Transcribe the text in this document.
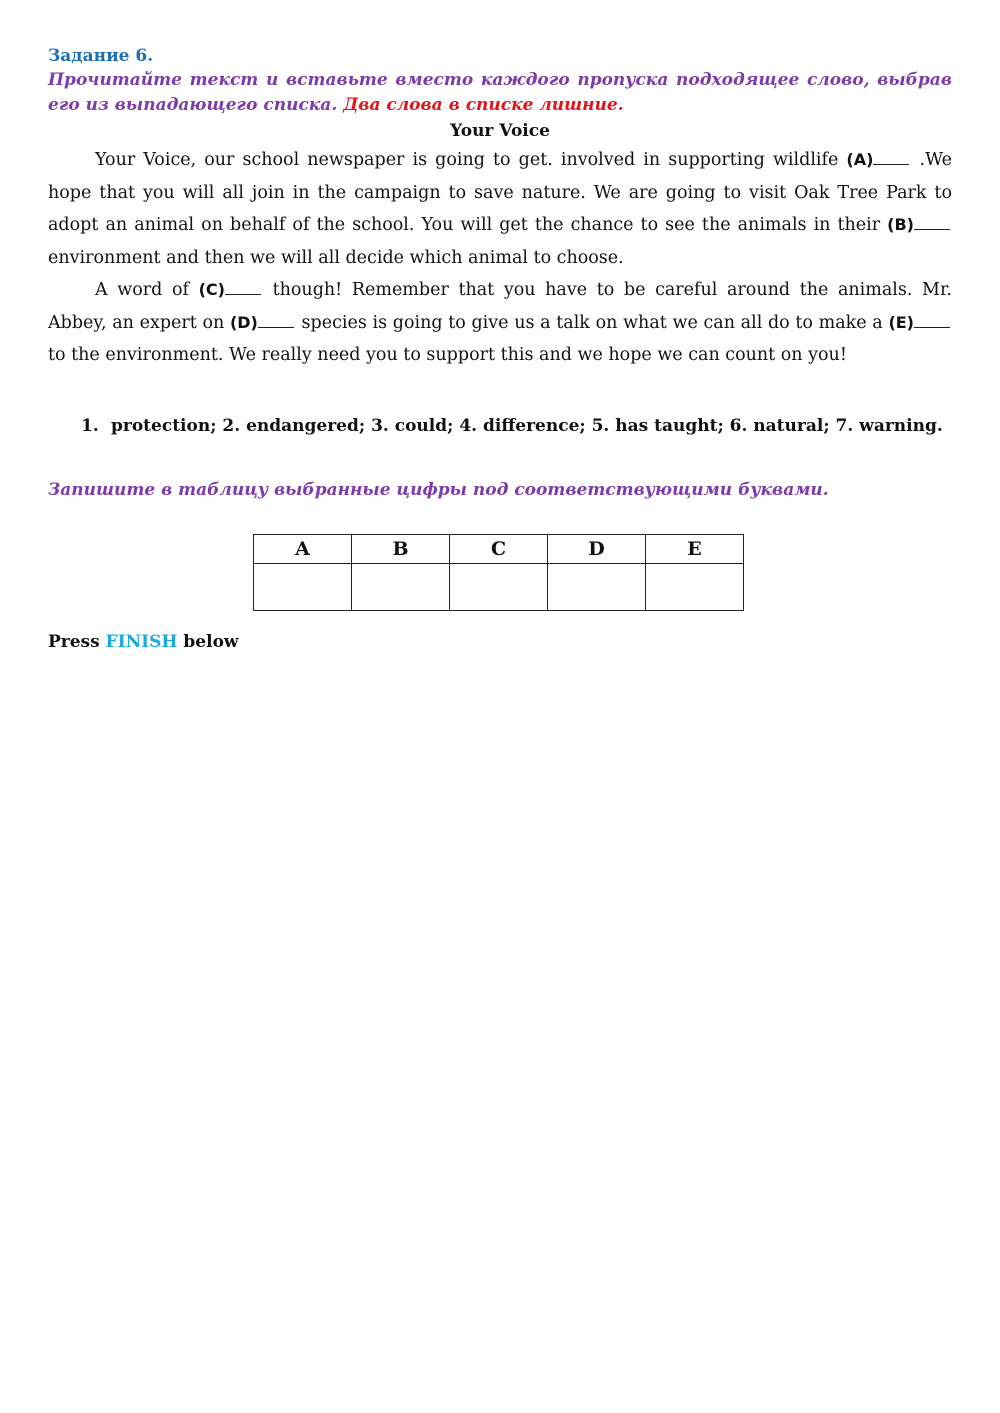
Задание 6.
Прочитайте текст и вставьте вместо каждого пропуска подходящее слово, выбрав его из выпадающего списка. Два слова в списке лишние.
Your Voice

Your Voice, our school newspaper is going to get. involved in supporting wildlife (A) .We hope that you will all join in the campaign to save nature. We are going to visit Oak Tree Park to adopt an animal on behalf of the school. You will get the chance to see the animals in their (B) environment and then we will all decide which animal to choose.

A word of (C) though! Remember that you have to be careful around the animals. Mr. Abbey, an expert on (D) species is going to give us a talk on what we can all do to make a (E) to the environment. We really need you to support this and we hope we can count on you!

1. protection; 2. endangered; 3. could; 4. difference; 5. has taught; 6. natural; 7. warning.
Запишите в таблицу выбранные цифры под соответствующими буквами.
A	B	C	D	E

Press FINISH below
